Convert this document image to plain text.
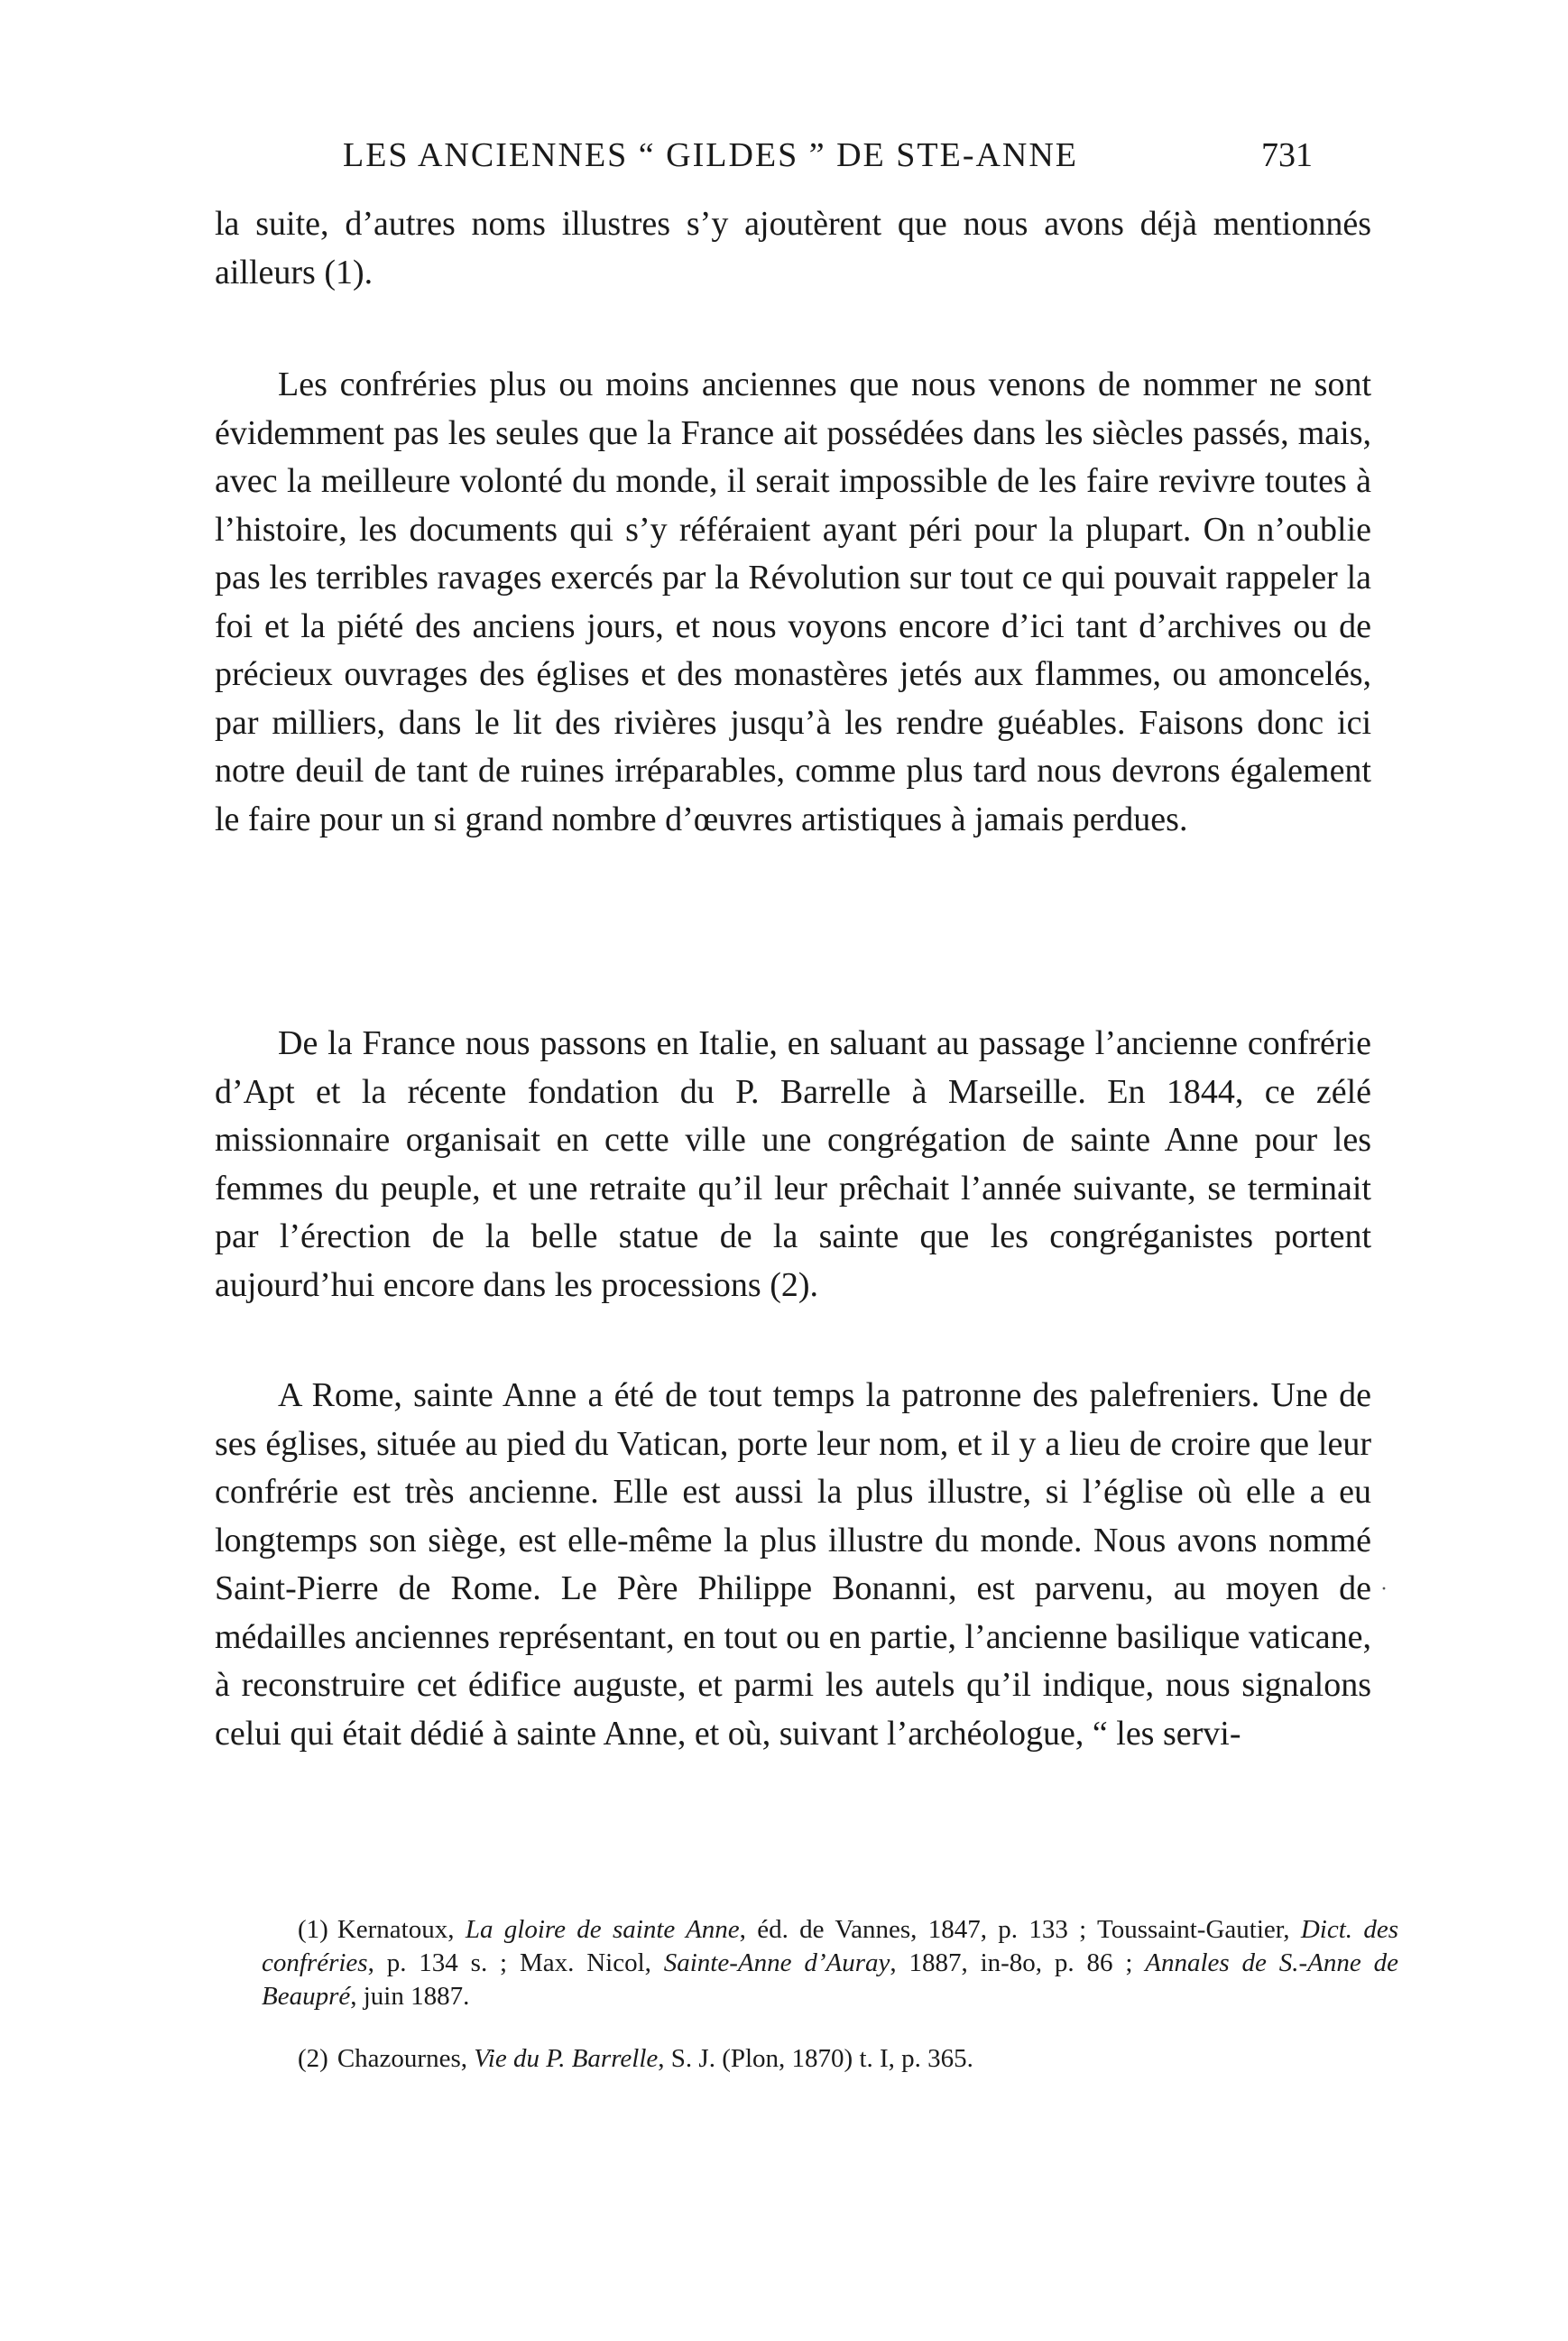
LES ANCIENNES “ GILDES ” DE STE-ANNE	731

la suite, d’autres noms illustres s’y ajoutèrent que nous avons déjà mentionnés ailleurs (1).

Les confréries plus ou moins anciennes que nous venons de nommer ne sont évidemment pas les seules que la France ait possédées dans les siècles passés, mais, avec la meilleure volonté du monde, il serait impossible de les faire revivre toutes à l’histoire, les documents qui s’y référaient ayant péri pour la plupart. On n’oublie pas les terribles ravages exercés par la Révolution sur tout ce qui pouvait rappeler la foi et la piété des anciens jours, et nous voyons encore d’ici tant d’archives ou de précieux ouvrages des églises et des monastères jetés aux flammes, ou amoncelés, par milliers, dans le lit des rivières jusqu’à les rendre guéables. Faisons donc ici notre deuil de tant de ruines irréparables, comme plus tard nous devrons également le faire pour un si grand nombre d’œuvres artistiques à jamais perdues.

De la France nous passons en Italie, en saluant au passage l’ancienne confrérie d’Apt et la récente fondation du P. Barrelle à Marseille. En 1844, ce zélé missionnaire organisait en cette ville une congrégation de sainte Anne pour les femmes du peuple, et une retraite qu’il leur prêchait l’année suivante, se terminait par l’érection de la belle statue de la sainte que les congréganistes portent aujourd’hui encore dans les processions (2).

A Rome, sainte Anne a été de tout temps la patronne des palefreniers. Une de ses églises, située au pied du Vatican, porte leur nom, et il y a lieu de croire que leur confrérie est très ancienne. Elle est aussi la plus illustre, si l’église où elle a eu longtemps son siège, est elle-même la plus illustre du monde. Nous avons nommé Saint-Pierre de Rome. Le Père Philippe Bonanni, est parvenu, au moyen de médailles anciennes représentant, en tout ou en partie, l’ancienne basilique vaticane, à reconstruire cet édifice auguste, et parmi les autels qu’il indique, nous signalons celui qui était dédié à sainte Anne, et où, suivant l’archéologue, “ les servi-

·

(1) Kernatoux, La gloire de sainte Anne, éd. de Vannes, 1847, p. 133 ; Toussaint-Gautier, Dict. des confréries, p. 134 s. ; Max. Nicol, Sainte-Anne d’Auray, 1887, in-8o, p. 86 ; Annales de S.-Anne de Beaupré, juin 1887.

(2) Chazournes, Vie du P. Barrelle, S. J. (Plon, 1870) t. I, p. 365.
